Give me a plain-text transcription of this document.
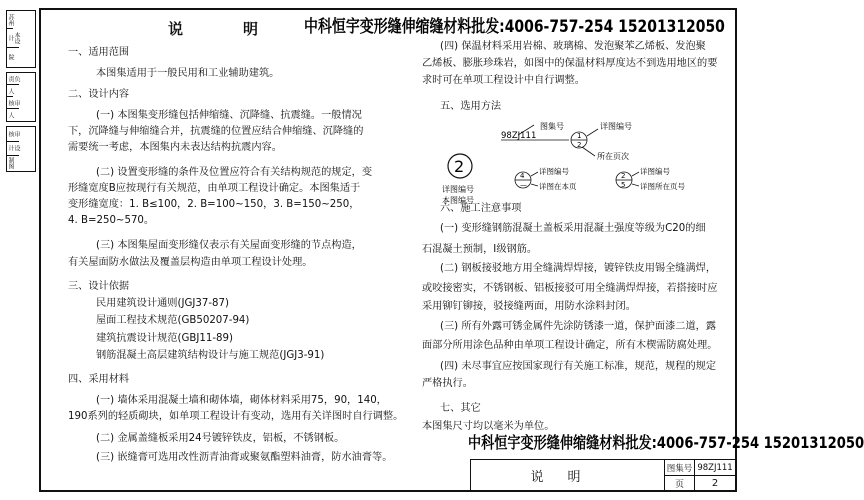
苏州
本设计
院
负责
人
审核
人
审核
设计
制图
说明
中科恒宇变形缝伸缩缝材料批发:4006-757-254 15201312050
一、适用范围
本图集适用于一般民用和工业辅助建筑。
二、设计内容
(一) 本图集变形缝包括伸缩缝、沉降缝、抗震缝。一般情况
下，沉降缝与伸缩缝合并，抗震缝的位置应结合伸缩缝、沉降缝的
需要统一考虑，本图集内未表达结构抗震内容。
(二) 设置变形缝的条件及位置应符合有关结构规范的规定，变
形缝宽度B应按现行有关规范，由单项工程设计确定。本图集适于
变形缝宽度：1. B≤100，2. B=100~150，3. B=150~250，
4. B=250~570。
(三) 本图集屋面变形缝仅表示有关屋面变形缝的节点构造，
有关屋面防水做法及覆盖层构造由单项工程设计处理。
三、设计依据
民用建筑设计通则(JGJ37-87)
屋面工程技术规范(GB50207-94)
建筑抗震设计规范(GBJ11-89)
钢筋混凝土高层建筑结构设计与施工规范(JGJ3-91)
四、采用材料
(一) 墙体采用混凝土墙和砌体墙，砌体材料采用75，90，140，
190系列的轻质砌块，如单项工程设计有变动，选用有关详图时自行调整。
(二) 金属盖缝板采用24号镀锌铁皮，铝板，不锈钢板。
(三) 嵌缝膏可选用改性沥青油膏或聚氨酯塑料油膏，防水油膏等。
(四) 保温材料采用岩棉、玻璃棉、发泡聚苯乙烯板、发泡聚
乙烯板、膨胀珍珠岩，如图中的保温材料厚度达不到选用地区的要
求时可在单项工程设计中自行调整。
五、选用方法
六、施工注意事项
(一) 变形缝钢筋混凝土盖板采用混凝土强度等级为C20的细
石混凝土预制，Ⅰ级钢筋。
(二) 钢板接驳地方用全缝满焊焊接，镀锌铁皮用锡全缝满焊，
或咬接密实，不锈钢板、铝板接驳可用全缝满焊焊接，若搭接时应
采用铆钉铆接，驳接缝两面，用防水涂料封闭。
(三) 所有外露可锈金属件先涂防锈漆一道，保护面漆二道，露
面部分所用涂色品种由单项工程设计确定，所有木楔需防腐处理。
(四) 未尽事宜应按国家现行有关施工标准，规范，规程的规定
严格执行。
七、其它
本图集尺寸均以毫米为单位。
图集号
98ZJ111	1
2
详图编号
所在页次
2
详图编号
本图编号
4
—
详图编号
详图在本页
2
5
详图编号
详图所在页号
中科恒宇变形缝伸缩缝材料批发:4006-757-254 15201312050
说明
图集号 98ZJ111
页	2
